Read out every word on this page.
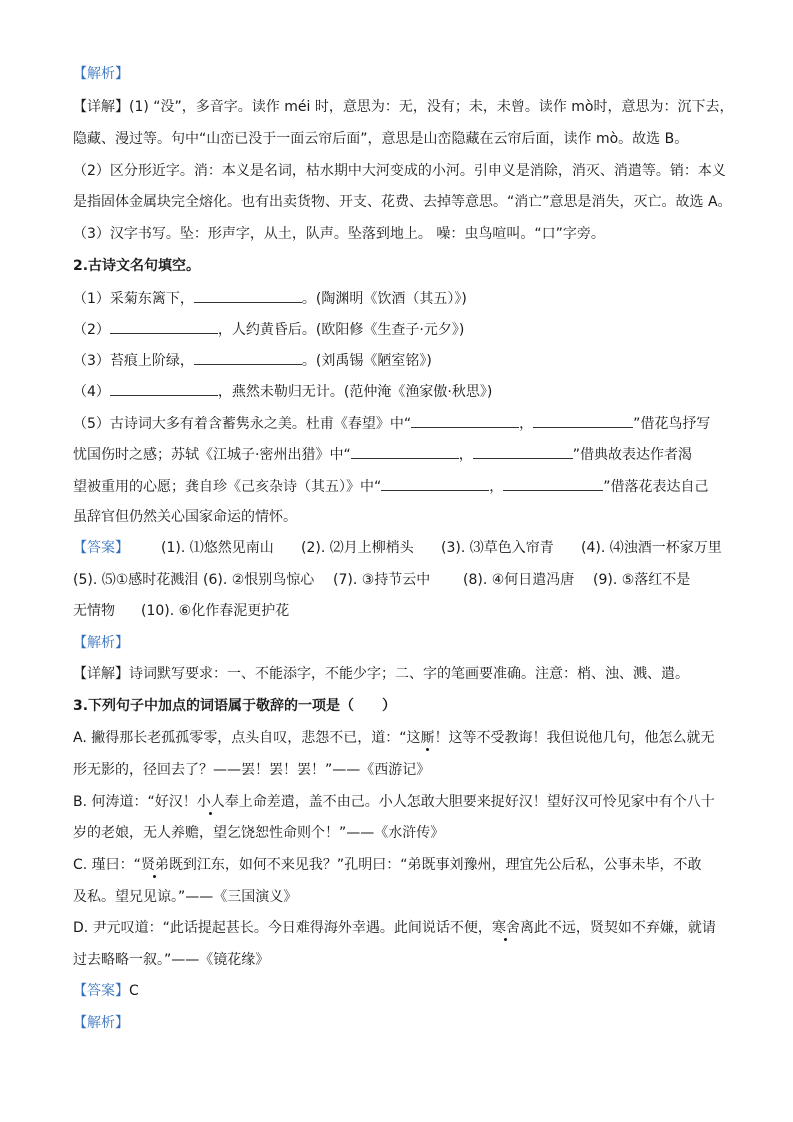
【解析】
【详解】(1) “没”，多音字。读作 méi 时，意思为：无，没有；未，未曾。读作 mò时，意思为：沉下去，
隐藏、漫过等。句中“山峦已没于一面云帘后面”，意思是山峦隐藏在云帘后面，读作 mò。故选 B。
（2）区分形近字。消：本义是名词，枯水期中大河变成的小河。引申义是消除，消灭、消遣等。销：本义
是指固体金属块完全熔化。也有出卖货物、开支、花费、去掉等意思。“消亡”意思是消失，灭亡。故选 A。
（3）汉字书写。坠：形声字，从土，队声。坠落到地上。 噪：虫鸟喧叫。“口”字旁。
2.古诗文名句填空。
（1）采菊东篱下，	。(陶渊明《饮酒（其五）》)
（2）	，人约黄昏后。(欧阳修《生查子·元夕》)
（3）苔痕上阶绿，	。(刘禹锡《陋室铭》)
（4）	，燕然未勒归无计。(范仲淹《渔家傲·秋思》)
（5）古诗词大多有着含蓄隽永之美。杜甫《春望》中“	，	”借花鸟抒写
忧国伤时之感；苏轼《江城子·密州出猎》中“	，	”借典故表达作者渴
望被重用的心愿；龚自珍《己亥杂诗（其五）》中“	，	”借落花表达自己
虽辞官但仍然关心国家命运的情怀。
【答案】 (1). ⑴悠然见南山 (2). ⑵月上柳梢头 (3). ⑶草色入帘青 (4). ⑷浊酒一杯家万里
(5). ⑸①感时花溅泪 (6). ②恨别鸟惊心 (7). ③持节云中 (8). ④何日遣冯唐 (9). ⑤落红不是
无情物 (10). ⑥化作春泥更护花
【解析】
【详解】诗词默写要求：一、不能添字，不能少字；二、字的笔画要准确。注意：梢、浊、溅、遣。
3.下列句子中加点的词语属于敬辞的一项是（　　）
A. 撇得那长老孤孤零零，点头自叹，悲怨不已，道：“这厮！这等不受教诲！我但说他几句，他怎么就无
形无影的，径回去了？——罢！罢！罢！”——《西游记》
B. 何涛道：“好汉！小人奉上命差遣，盖不由己。小人怎敢大胆要来捉好汉！望好汉可怜见家中有个八十
岁的老娘，无人养赡，望乞饶恕性命则个！”——《水浒传》
C. 瑾曰：“贤弟既到江东，如何不来见我？”孔明曰：“弟既事刘豫州，理宜先公后私，公事未毕，不敢
及私。望兄见谅。”——《三国演义》
D. 尹元叹道：“此话提起甚长。今日难得海外幸遇。此间说话不便，寒舍离此不远，贤契如不弃嫌，就请
过去略略一叙。”——《镜花缘》
【答案】C
【解析】
